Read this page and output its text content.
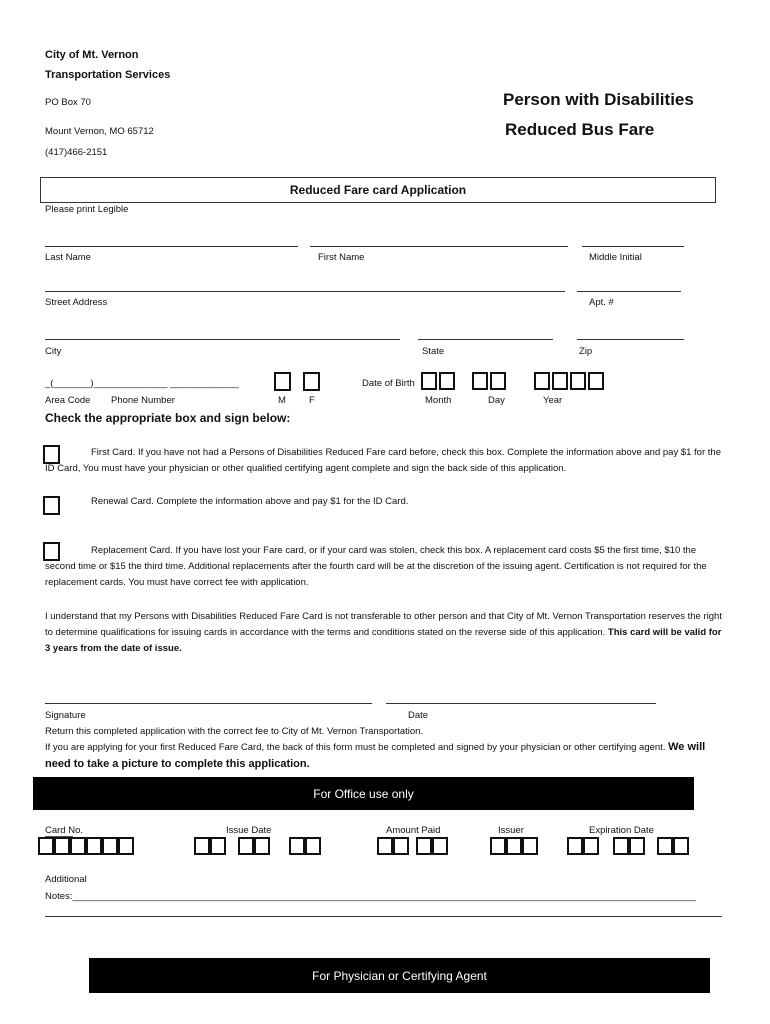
City of Mt. Vernon
Transportation Services
PO Box 70
Mount Vernon, MO 65712
(417)466-2151
Person with Disabilities
Reduced Bus Fare
Reduced Fare card Application
Please print Legible
Last Name	First Name	Middle Initial
Street Address	Apt. #
City	State	Zip
_(_______)______________ _____________
Area Code Phone Number	M F
Date of Birth
Month	Day	Year
Check the appropriate box and sign below:
First Card. If you have not had a Persons of Disabilities Reduced Fare card before, check this box. Complete the information above and pay $1 for the ID Card, You must have your physician or other qualified certifying agent complete and sign the back side of this application.
Renewal Card. Complete the information above and pay $1 for the ID Card.
Replacement Card. If you have lost your Fare card, or if your card was stolen, check this box. A replacement card costs $5 the first time, $10 the second time or $15 the third time. Additional replacements after the fourth card will be at the discretion of the issuing agent. Certification is not required for the replacement cards. You must have correct fee with application.
I understand that my Persons with Disabilities Reduced Fare Card is not transferable to other person and that City of Mt. Vernon Transportation reserves the right to determine qualifications for issuing cards in accordance with the terms and conditions stated on the reverse side of this application. This card will be valid for 3 years from the date of issue.
Signature	Date
Return this completed application with the correct fee to City of Mt. Vernon Transportation.
If you are applying for your first Reduced Fare Card, the back of this form must be completed and signed by your physician or other certifying agent. We will need to take a picture to complete this application.
For Office use only
Card No.	Issue Date	Amount Paid	Issuer	Expiration Date
Additional
Notes:______________________________________________________________________________________________________________________
For Physician or Certifying Agent
